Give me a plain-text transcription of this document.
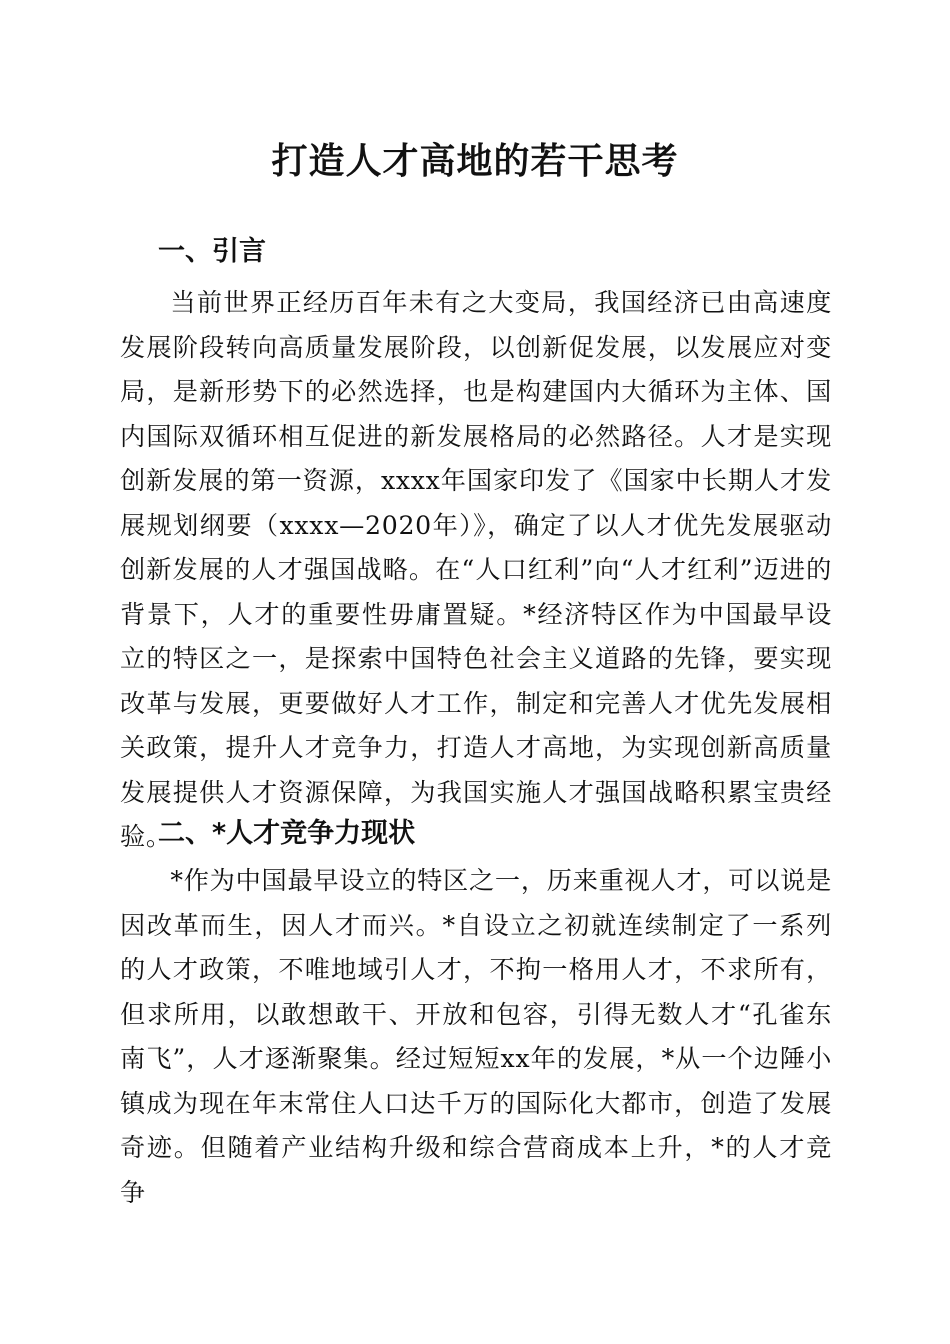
打造人才高地的若干思考
一、引言

当前世界正经历百年未有之大变局，我国经济已由高速度发展阶段转向高质量发展阶段，以创新促发展，以发展应对变局，是新形势下的必然选择，也是构建国内大循环为主体、国内国际双循环相互促进的新发展格局的必然路径。人才是实现创新发展的第一资源，xxxx年国家印发了《国家中长期人才发展规划纲要（xxxx—2020年）》，确定了以人才优先发展驱动创新发展的人才强国战略。在“人口红利”向“人才红利”迈进的背景下，人才的重要性毋庸置疑。*经济特区作为中国最早设立的特区之一，是探索中国特色社会主义道路的先锋，要实现改革与发展，更要做好人才工作，制定和完善人才优先发展相关政策，提升人才竞争力，打造人才高地，为实现创新高质量发展提供人才资源保障，为我国实施人才强国战略积累宝贵经验。

二、*人才竞争力现状

*作为中国最早设立的特区之一，历来重视人才，可以说是因改革而生，因人才而兴。*自设立之初就连续制定了一系列的人才政策，不唯地域引人才，不拘一格用人才，不求所有，但求所用，以敢想敢干、开放和包容，引得无数人才“孔雀东南飞”，人才逐渐聚集。经过短短xx年的发展，*从一个边陲小镇成为现在年末常住人口达千万的国际化大都市，创造了发展奇迹。但随着产业结构升级和综合营商成本上升，*的人才竞争
